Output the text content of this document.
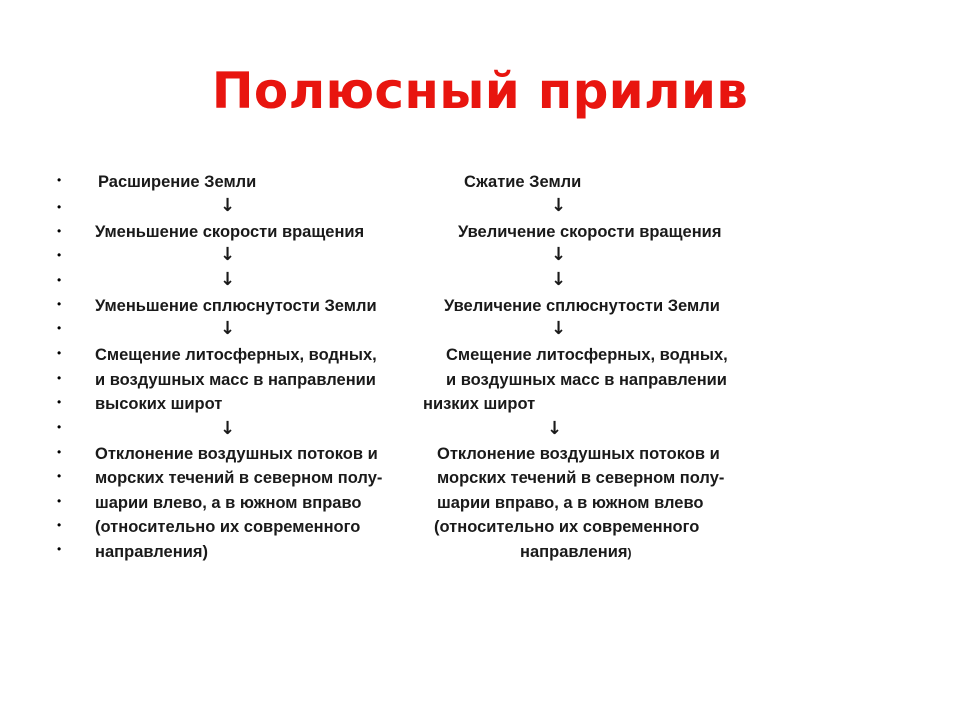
Полюсный прилив
•
•
•
•
•
•
•
•
•
•
•
•
•
•
•
•
Расширение Земли
↓
Уменьшение скорости вращения
↓
↓
Уменьшение сплюснутости Земли
↓
Смещение литосферных, водных,
и воздушных масс в направлении
высоких широт
↓
Отклонение воздушных потоков и
морских течений в северном полу-
шарии влево, а в южном вправо
(относительно их современного
направления)
Сжатие Земли
↓
Увеличение скорости вращения
↓
↓
Увеличение сплюснутости Земли
↓
Смещение литосферных, водных,
и воздушных масс в направлении
низких широт
↓
Отклонение воздушных потоков и
морских течений в северном полу-
шарии вправо, а в южном влево
(относительно их современного
направления)
